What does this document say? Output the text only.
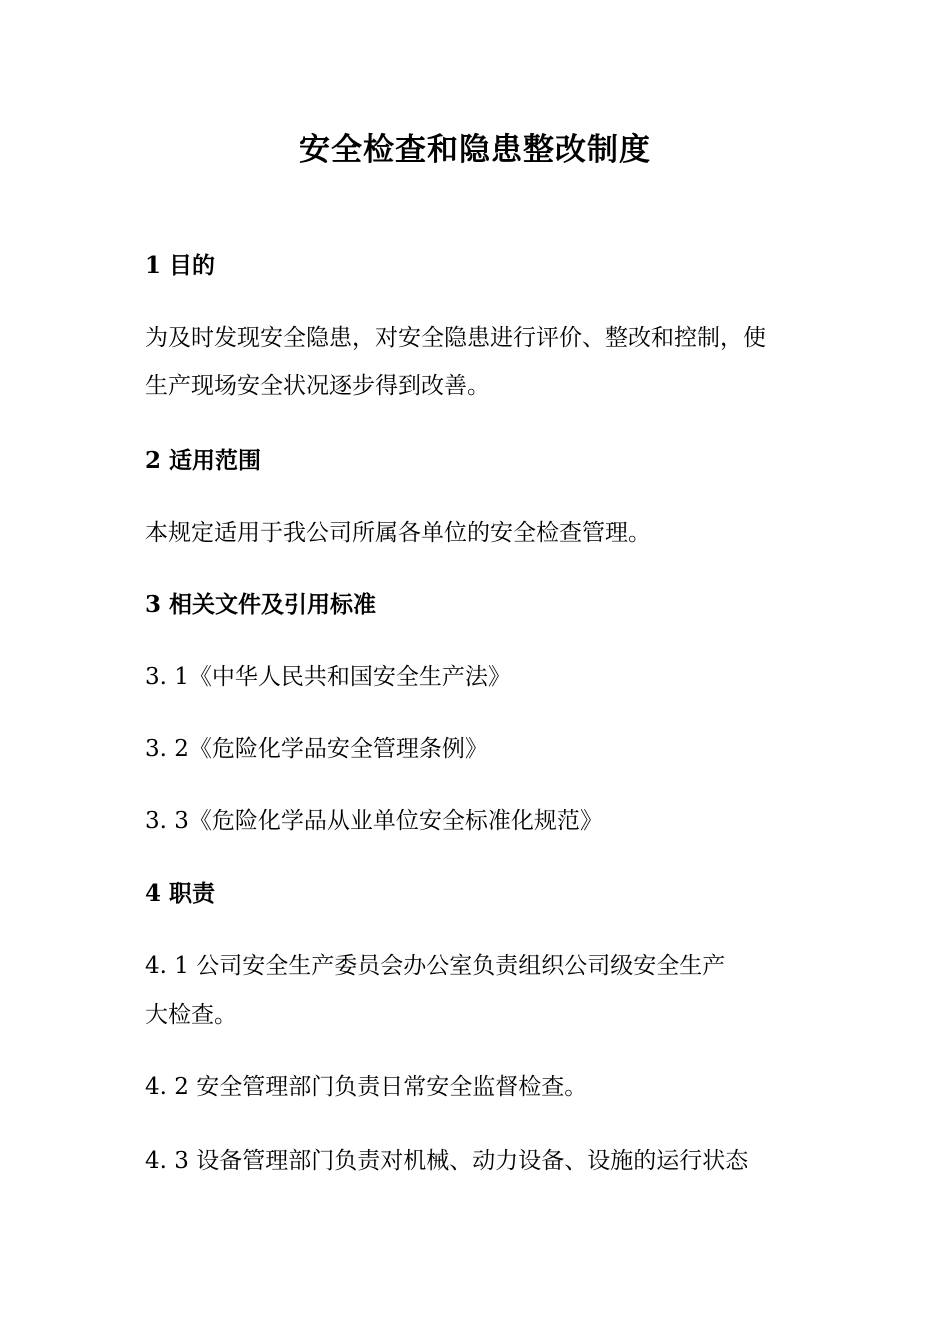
安全检查和隐患整改制度
1 目的
为及时发现安全隐患，对安全隐患进行评价、整改和控制，使
生产现场安全状况逐步得到改善。
2 适用范围
本规定适用于我公司所属各单位的安全检查管理。
3 相关文件及引用标准
3. 1《中华人民共和国安全生产法》
3. 2《危险化学品安全管理条例》
3. 3《危险化学品从业单位安全标准化规范》
4 职责
4. 1 公司安全生产委员会办公室负责组织公司级安全生产
大检查。
4. 2 安全管理部门负责日常安全监督检查。
4. 3 设备管理部门负责对机械、动力设备、设施的运行状态
